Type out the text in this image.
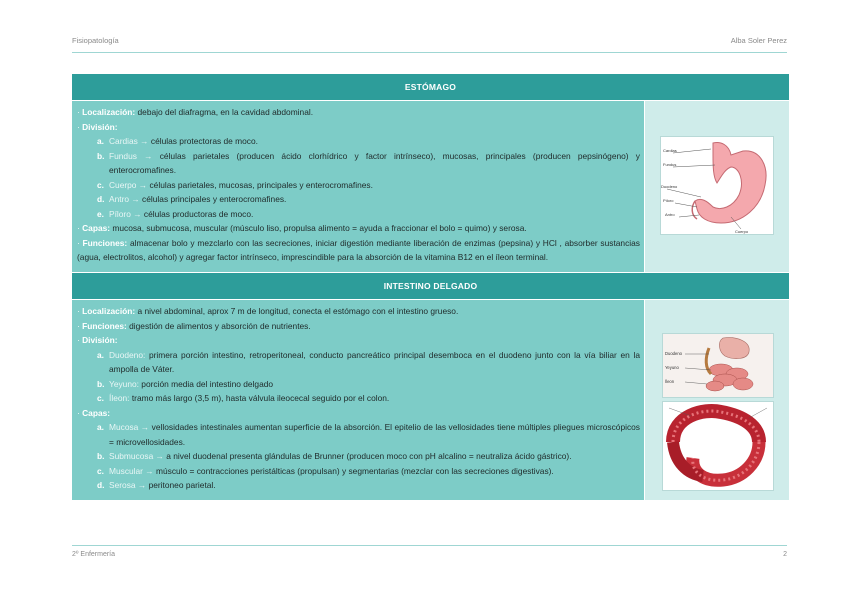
Fisiopatología	Alba Soler Perez
ESTÓMAGO
· Localización: debajo del diafragma, en la cavidad abdominal.
· División:
a. Cardias → células protectoras de moco.
b. Fundus → células parietales (producen ácido clorhídrico y factor intrínseco), mucosas, principales (producen pepsinógeno) y enterocromafines.
c. Cuerpo → células parietales, mucosas, principales y enterocromafines.
d. Antro → células principales y enterocromafines.
e. Píloro → células productoras de moco.
· Capas: mucosa, submucosa, muscular (músculo liso, propulsa alimento = ayuda a fraccionar el bolo = quimo) y serosa.
· Funciones: almacenar bolo y mezclarlo con las secreciones, iniciar digestión mediante liberación de enzimas (pepsina) y HCl , absorber sustancias (agua, electrolitos, alcohol) y agregar factor intrínseco, imprescindible para la absorción de la vitamina B12 en el íleon terminal.
Cardias
Fundus
Duodeno
Píloro
Antro
Cuerpo
INTESTINO DELGADO
· Localización: a nivel abdominal, aprox 7 m de longitud, conecta el estómago con el intestino grueso.
· Funciones: digestión de alimentos y absorción de nutrientes.
· División:
a. Duodeno: primera porción intestino, retroperitoneal, conducto pancreático principal desemboca en el duodeno junto con la vía biliar en la ampolla de Váter.
b. Yeyuno: porción media del intestino delgado
c. Íleon: tramo más largo (3,5 m), hasta válvula ileocecal seguido por el colon.
· Capas:
a. Mucosa → vellosidades intestinales aumentan superficie de la absorción. El epitelio de las vellosidades tiene múltiples pliegues microscópicos = microvellosidades.
b. Submucosa → a nivel duodenal presenta glándulas de Brunner (producen moco con pH alcalino = neutraliza ácido gástrico).
c. Muscular → músculo = contracciones peristálticas (propulsan) y segmentarias (mezclar con las secreciones digestivas).
d. Serosa → peritoneo parietal.
Duodeno
Yeyuno
Íleon
2º Enfermería	2
